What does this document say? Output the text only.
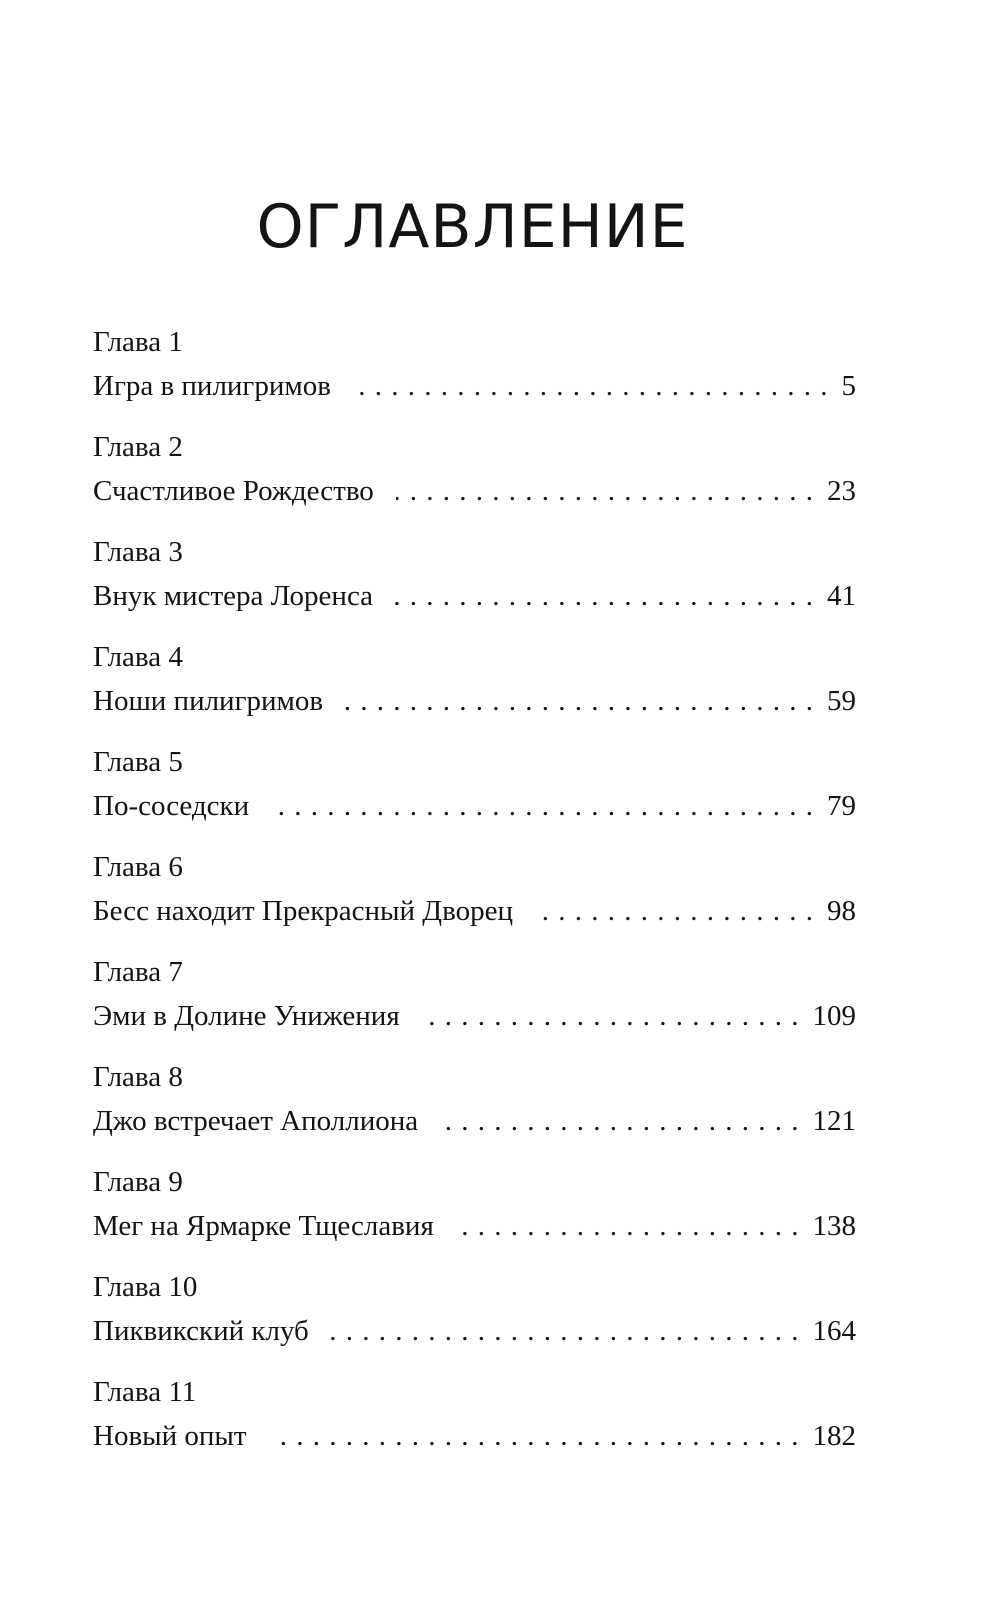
ОГЛАВЛЕНИЕ
Глава 1
Игра в пилигримов . . .	5
Глава 2
Счастливое Рождество . . .	23
Глава 3
Внук мистера Лоренса . . .	41
Глава 4
Ноши пилигримов . . .	59
Глава 5
По-соседски . . .	79
Глава 6
Бесс находит Прекрасный Дворец . . .	98
Глава 7
Эми в Долине Унижения . . .	109
Глава 8
Джо встречает Аполлиона . . .	121
Глава 9
Мег на Ярмарке Тщеславия . . .	138
Глава 10
Пиквикский клуб . . .	164
Глава 11
Новый опыт . . .	182
